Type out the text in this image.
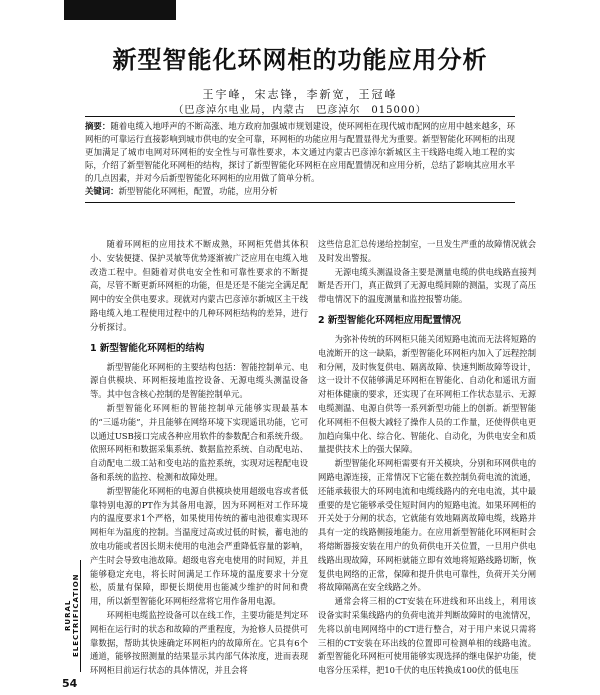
新型智能化环网柜的功能应用分析
王宇峰，宋志锋，李新宽，王冠峰
（巴彦淖尔电业局，内蒙古　巴彦淖尔　015000）
摘要：随着电缆入地呼声的不断高涨、地方政府加强城市规划建设，使环网柜在现代城市配网的应用中越来越多，环网柜的可靠运行直接影响到城市供电的安全可靠，环网柜的功能应用与配置显得尤为重要。新型智能化环网柜的出现更加满足了城市电网对环网柜的安全性与可靠性要求，本文通过内蒙古巴彦淖尔新城区主干线路电缆入地工程的实际，介绍了新型智能化环网柜的结构，探讨了新型智能化环网柜在应用配置情况和应用分析，总结了影响其应用水平的几点因素，并对今后新型智能化环网柜的应用做了简单分析。
关键词：新型智能化环网柜，配置，功能，应用分析

随着环网柜的应用技术不断成熟，环网柜凭借其体积小、安装便捷、保护灵敏等优势逐渐被广泛应用在电缆入地改造工程中。但随着对供电安全性和可靠性要求的不断提高，尽管不断更新环网柜的功能，但是还是不能完全满足配网中的安全供电要求。现就对内蒙古巴彦淖尔新城区主干线路电缆入地工程使用过程中的几种环网柜结构的差异，进行分析探讨。

1 新型智能化环网柜的结构

新型智能化环网柜的主要结构包括：智能控制单元、电源自供模块、环网柜接地监控设备、无源电缆头测温设备等。其中包含核心控制的是智能控制单元。

新型智能化环网柜的智能控制单元能够实现最基本的“三遥功能”，并且能够在网络环境下实现遥讯功能，它可以通过USB接口完成各种应用软件的参数配合和系统升级。依照环网柜和数据采集系统、数据监控系统、自动配电站、自动配电二级工站和变电站的监控系统，实现对远程配电设备和系统的监控、检测和故障处理。

新型智能化环网柜的电源自供模块使用超级电容或者低靠特别电源的PT作为其备用电源，因为环网柜对工作环境内的温度要求1个严格，如果使用传统的蓄电池很难实现环网柜年为温度的控制。当温度过高或过低的时候，蓄电池的放电功能或者因长期未使用的电池会严重降低容量的影响，产生时会导致电池故障。超级电容充电使用的时间短，并且能够稳定充电，将长时间满足工作环境的温度要求十分宽松，质量有保障，即便长期使用也能减少维护的时间和费用，所以新型智能化环网柜经常将它用作备用电源。

环网柜电缆监控设备可以在线工作，主要功能是判定环网柜在运行时的状态和故障的严重程度，为抢修人员提供可靠数据，帮助其快速确定环网柜内的故障所在。它具有6个通道，能够按照测量的结果显示其内部气体浓度，进而表现环网柜目前运行状态的具体情况，并且会将

这些信息汇总传递给控制室，一旦发生严重的故障情况就会及时发出警报。

无源电缆头测温设备主要是测量电缆的供电线路直接判断是否开门，真正做到了无源电缆间隙的测温，实现了高压带电情况下的温度测量和监控报警功能。

2 新型智能化环网柜应用配置情况

为弥补传统的环网柜只能关闭短路电流而无法将短路的电流断开的这一缺陷，新型智能化环网柜内加入了远程控制和分闸，及时恢复供电、隔离故障、快速判断故障等设计，这一设计不仅能够满足环网柜在智能化、自动化和遥讯方面对柜体健康的要求，还实现了在环网柜工作状态显示、无源电缆测温、电源自供等一系列新型功能上的创新。新型智能化环网柜不但极大减轻了操作人员的工作量，还使得供电更加趋向集中化、综合化、智能化、自动化，为供电安全和质量提供技术上的强大保障。

新型智能化环网柜需要有开关模块，分别和环网供电的网路电源连接，正常情况下它能在数控制负荷电流的流通，还能承载很大的环网电流和电缆线路内的充电电流，其中最重要的是它能够承受住短时间内的短路电流。如果环网柜的开关处于分闸的状态，它就能有效地隔离故障电缆，线路并具有一定的线路侧接地能力。在应用新型智能化环网柜时会将熔断器接安装在用户的负荷供电开关位置，一旦用户供电线路出现故障，环网柜就能立即有效地将短路线路切断，恢复供电网络的正常，保障和提升供电可靠性，负荷开关分闸将故障隔离在安全线路之外。

通常会将三相的CT安装在环进线和环出线上，利用该设备实时采集线路内的负荷电流并判断故障时的电流情况，先将以前电网网络中的CT进行整合，对于用户来说只需将三相的CT安装在环出线的位置即可检测单相的线路电流。新型智能化环网柜可使用能够实现选择的继电保护功能，使电容分压采样，把10千伏的电压转换成100伏的低电压

RURAL ELECTRIFICATION
54
